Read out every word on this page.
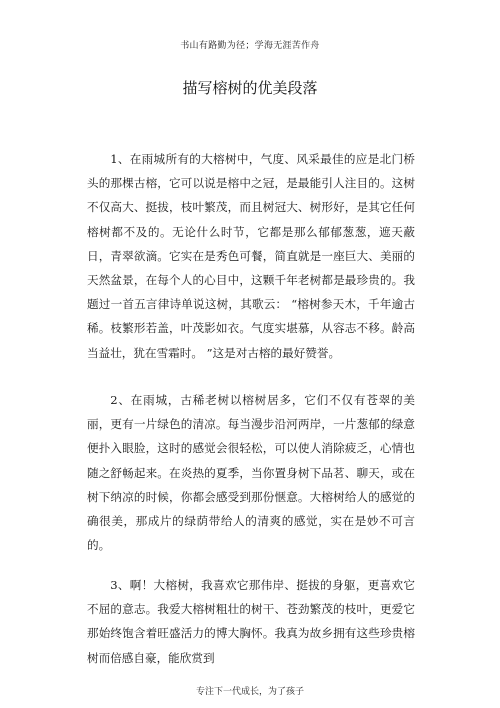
书山有路勤为径；学海无涯苦作舟
描写榕树的优美段落

1、在雨城所有的大榕树中，气度、风采最佳的应是北门桥头的那棵古榕，它可以说是榕中之冠，是最能引人注目的。这树不仅高大、挺拔，枝叶繁茂，而且树冠大、树形好，是其它任何榕树都不及的。无论什么时节，它都是那么郁郁葱葱，遮天蔽日，青翠欲滴。它实在是秀色可餐，简直就是一座巨大、美丽的天然盆景，在每个人的心目中，这颗千年老树都是最珍贵的。我题过一首五言律诗单说这树，其歌云： “榕树参天木，千年逾古稀。枝繁形若盖，叶茂影如衣。气度实堪慕，从容志不移。龄高当益壮，犹在雪霜时。 ”这是对古榕的最好赞誉。

2、在雨城，古稀老树以榕树居多，它们不仅有苍翠的美丽，更有一片绿色的清凉。每当漫步沿河两岸，一片葱郁的绿意便扑入眼脸，这时的感觉会很轻松，可以使人消除疲乏，心情也随之舒畅起来。在炎热的夏季，当你置身树下品茗、聊天，或在树下纳凉的时候，你都会感受到那份惬意。大榕树给人的感觉的确很美，那成片的绿荫带给人的清爽的感觉，实在是妙不可言的。

3、啊！大榕树，我喜欢它那伟岸、挺拔的身躯，更喜欢它不屈的意志。我爱大榕树粗壮的树干、苍劲繁茂的枝叶，更爱它那始终饱含着旺盛活力的博大胸怀。我真为故乡拥有这些珍贵榕树而倍感自豪，能欣赏到

专注下一代成长，为了孩子
